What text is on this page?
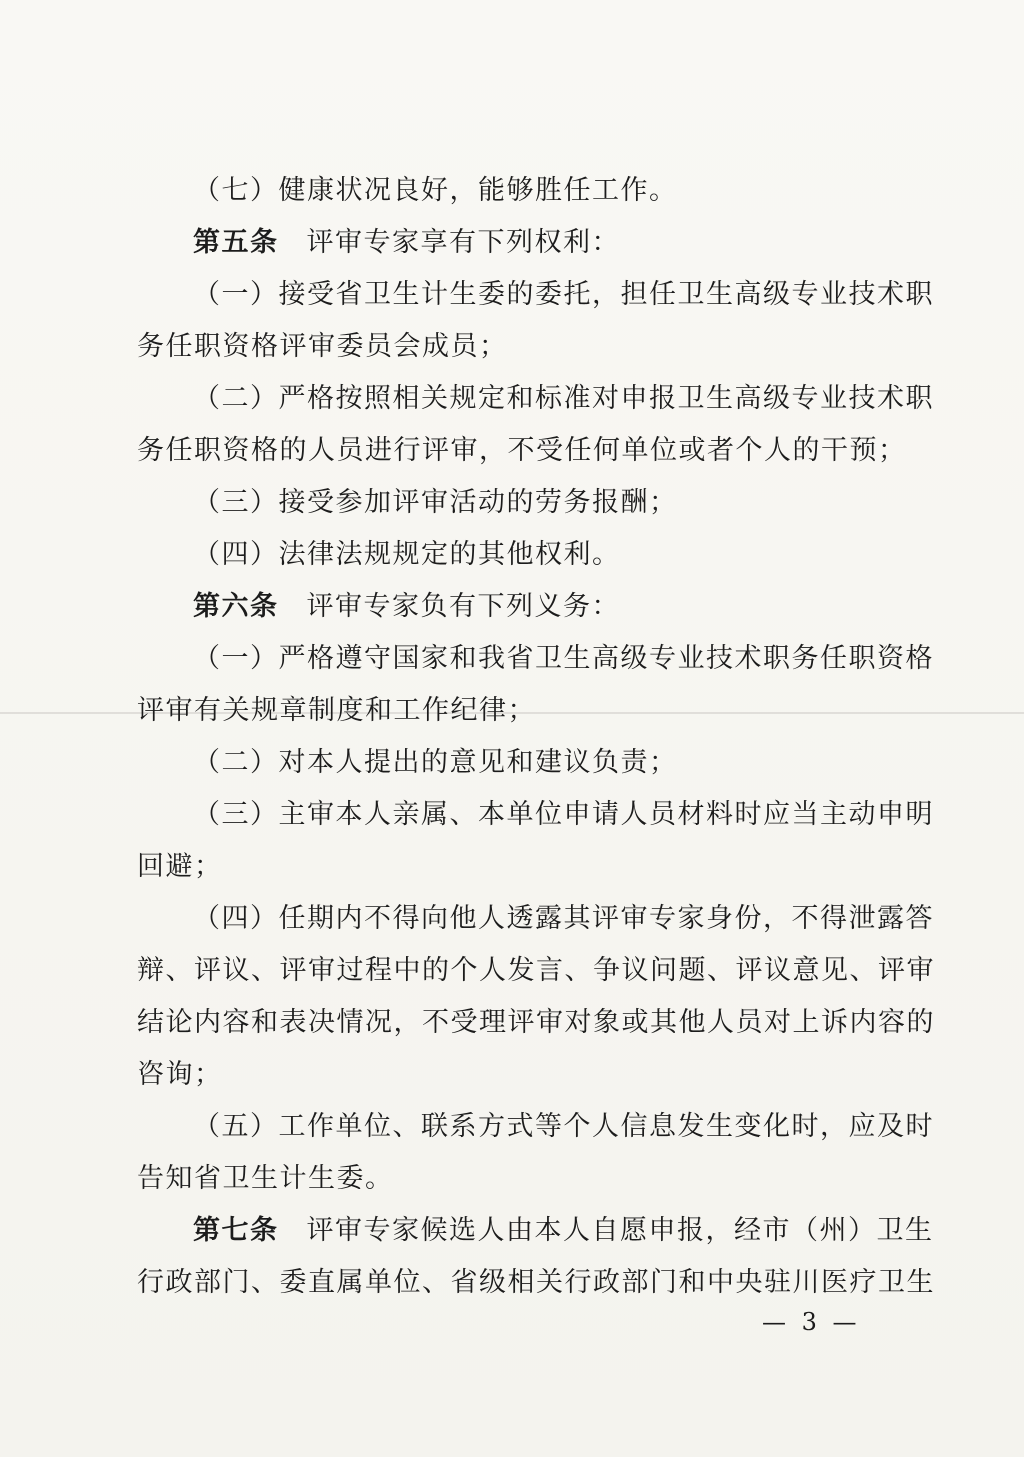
（七）健康状况良好，能够胜任工作。
第五条 评审专家享有下列权利：
（一）接受省卫生计生委的委托，担任卫生高级专业技术职
务任职资格评审委员会成员；
（二）严格按照相关规定和标准对申报卫生高级专业技术职
务任职资格的人员进行评审，不受任何单位或者个人的干预；
（三）接受参加评审活动的劳务报酬；
（四）法律法规规定的其他权利。
第六条 评审专家负有下列义务：
（一）严格遵守国家和我省卫生高级专业技术职务任职资格
评审有关规章制度和工作纪律；
（二）对本人提出的意见和建议负责；
（三）主审本人亲属、本单位申请人员材料时应当主动申明
回避；
（四）任期内不得向他人透露其评审专家身份，不得泄露答
辩、评议、评审过程中的个人发言、争议问题、评议意见、评审
结论内容和表决情况，不受理评审对象或其他人员对上诉内容的
咨询；
（五）工作单位、联系方式等个人信息发生变化时，应及时
告知省卫生计生委。
第七条 评审专家候选人由本人自愿申报，经市（州）卫生
行政部门、委直属单位、省级相关行政部门和中央驻川医疗卫生
— 3 —
